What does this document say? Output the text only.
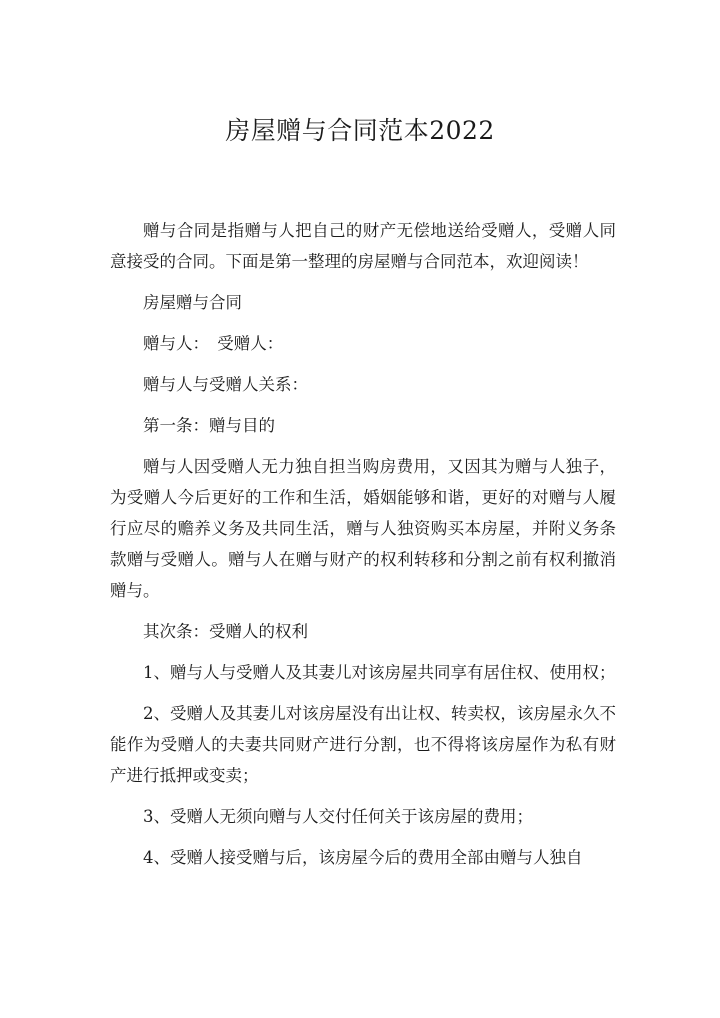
房屋赠与合同范本2022

赠与合同是指赠与人把自己的财产无偿地送给受赠人，受赠人同意接受的合同。下面是第一整理的房屋赠与合同范本，欢迎阅读！

房屋赠与合同

赠与人：　受赠人：

赠与人与受赠人关系：

第一条：赠与目的

赠与人因受赠人无力独自担当购房费用，又因其为赠与人独子，为受赠人今后更好的工作和生活，婚姻能够和谐，更好的对赠与人履行应尽的赡养义务及共同生活，赠与人独资购买本房屋，并附义务条款赠与受赠人。赠与人在赠与财产的权利转移和分割之前有权利撤消赠与。

其次条：受赠人的权利

1、赠与人与受赠人及其妻儿对该房屋共同享有居住权、使用权；

2、受赠人及其妻儿对该房屋没有出让权、转卖权，该房屋永久不能作为受赠人的夫妻共同财产进行分割，也不得将该房屋作为私有财产进行抵押或变卖；

3、受赠人无须向赠与人交付任何关于该房屋的费用；

4、受赠人接受赠与后，该房屋今后的费用全部由赠与人独自
